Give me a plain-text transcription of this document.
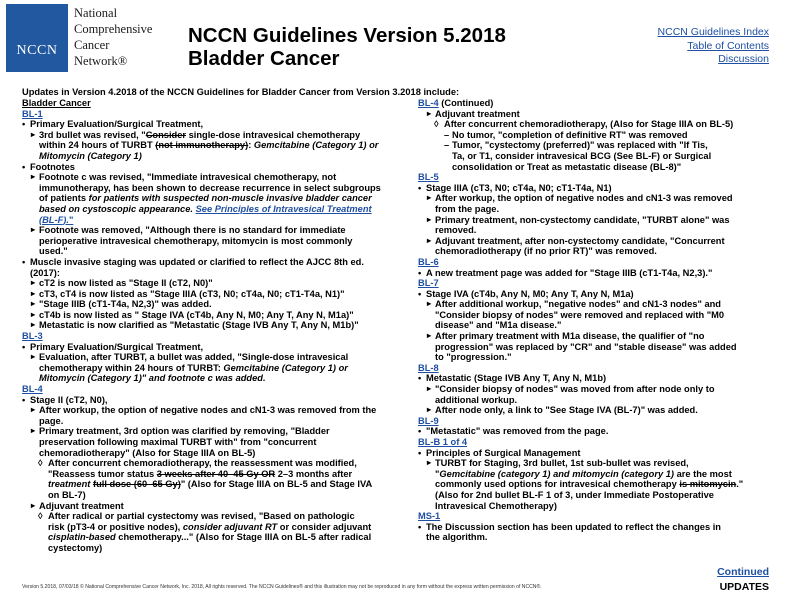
NCCN
National
Comprehensive
Cancer
Network®
NCCN Guidelines Version 5.2018
Bladder Cancer
NCCN Guidelines Index
Table of Contents
Discussion
Updates in Version 4.2018 of the NCCN Guidelines for Bladder Cancer from Version 3.2018 include:
Bladder Cancer
BL-1
• Primary Evaluation/Surgical Treatment,
▸ 3rd bullet was revised, "Consider single-dose intravesical chemotherapy
within 24 hours of TURBT (not immunotherapy): Gemcitabine (Category 1) or
Mitomycin (Category 1)
• Footnotes
▸ Footnote c was revised, "Immediate intravesical chemotherapy, not
immunotherapy, has been shown to decrease recurrence in select subgroups
of patients for patients with suspected non-muscle invasive bladder cancer
based on cystoscopic appearance. See Principles of Intravesical Treatment
(BL-F)."
▸ Footnote was removed, "Although there is no standard for immediate
perioperative intravesical chemotherapy, mitomycin is most commonly
used."
• Muscle invasive staging was updated or clarified to reflect the AJCC 8th ed.
(2017):
▸ cT2 is now listed as "Stage II (cT2, N0)"
▸ cT3, cT4 is now listed as "Stage IIIA (cT3, N0; cT4a, N0; cT1-T4a, N1)"
▸ "Stage IIIB (cT1-T4a, N2,3)" was added.
▸ cT4b is now listed as " Stage IVA (cT4b, Any N, M0; Any T, Any N, M1a)"
▸ Metastatic is now clarified as "Metastatic (Stage IVB Any T, Any N, M1b)"
BL-3
• Primary Evaluation/Surgical Treatment,
▸ Evaluation, after TURBT, a bullet was added, "Single-dose intravesical
chemotherapy within 24 hours of TURBT: Gemcitabine (Category 1) or
Mitomycin (Category 1)" and footnote c was added.
BL-4
• Stage II (cT2, N0),
▸ After workup, the option of negative nodes and cN1-3 was removed from the
page.
▸ Primary treatment, 3rd option was clarified by removing, "Bladder
preservation following maximal TURBT with" from "concurrent
chemoradiotherapy" (Also for Stage IIIA on BL-5)
◊ After concurrent chemoradiotherapy, the reassessment was modified,
"Reassess tumor status 3 weeks after 40–45 Gy OR 2–3 months after
treatment full dose (60–65 Gy)" (Also for Stage IIIA on BL-5 and Stage IVA
on BL-7)
▸ Adjuvant treatment
◊ After radical or partial cystectomy was revised, "Based on pathologic
risk (pT3-4 or positive nodes), consider adjuvant RT or consider adjuvant
cisplatin-based chemotherapy..." (Also for Stage IIIA on BL-5 after radical
cystectomy)
BL-4 (Continued)
▸ Adjuvant treatment
◊ After concurrent chemoradiotherapy, (Also for Stage IIIA on BL-5)
– No tumor, "completion of definitive RT" was removed
– Tumor, "cystectomy (preferred)" was replaced with "If Tis,
Ta, or T1, consider intravesical BCG (See BL-F) or Surgical
consolidation or Treat as metastatic disease (BL-8)"
BL-5
• Stage IIIA (cT3, N0; cT4a, N0; cT1-T4a, N1)
▸ After workup, the option of negative nodes and cN1-3 was removed
from the page.
▸ Primary treatment, non-cystectomy candidate, "TURBT alone" was
removed.
▸ Adjuvant treatment, after non-cystectomy candidate, "Concurrent
chemoradiotherapy (if no prior RT)" was removed.
BL-6
• A new treatment page was added for "Stage IIIB (cT1-T4a, N2,3)."
BL-7
• Stage IVA (cT4b, Any N, M0; Any T, Any N, M1a)
▸ After additional workup, "negative nodes" and cN1-3 nodes" and
"Consider biopsy of nodes" were removed and replaced with "M0
disease" and "M1a disease."
▸ After primary treatment with M1a disease, the qualifier of "no
progression" was replaced by "CR" and "stable disease" was added
to "progression."
BL-8
• Metastatic (Stage IVB Any T, Any N, M1b)
▸ "Consider biopsy of nodes" was moved from after node only to
additional workup.
▸ After node only, a link to "See Stage IVA (BL-7)" was added.
BL-9
• "Metastatic" was removed from the page.
BL-B 1 of 4
• Principles of Surgical Management
▸ TURBT for Staging, 3rd bullet, 1st sub-bullet was revised,
"Gemcitabine (category 1) and mitomycin (category 1) are the most
commonly used options for intravesical chemotherapy is mitomycin."
(Also for 2nd bullet BL-F 1 of 3, under Immediate Postoperative
Intravesical Chemotherapy)
MS-1
• The Discussion section has been updated to reflect the changes in
the algorithm.
Version 5.2018, 07/03/18 © National Comprehensive Cancer Network, Inc. 2018, All rights reserved. The NCCN Guidelines® and this illustration may not be reproduced in any form without the express written permission of NCCN®.
Continued
UPDATES
